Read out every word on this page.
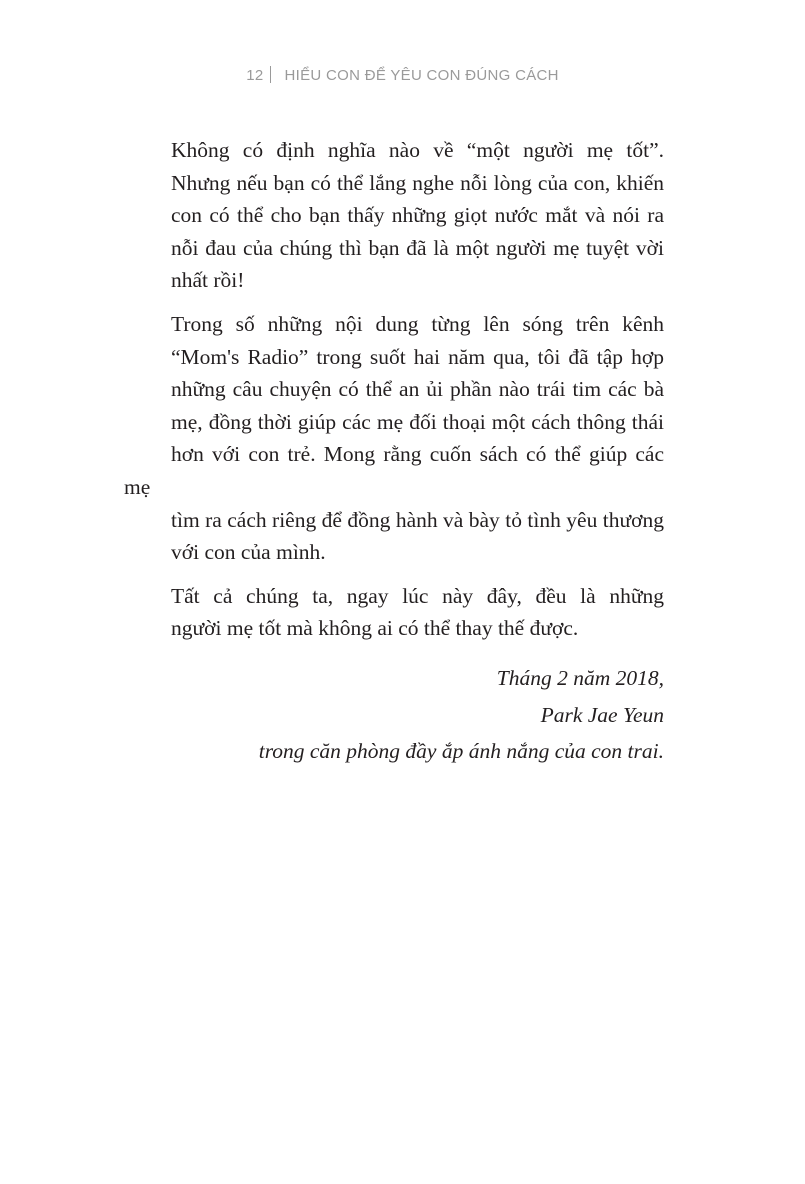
12 HIỂU CON ĐỂ YÊU CON ĐÚNG CÁCH

Không có định nghĩa nào về “một người mẹ tốt”.
Nhưng nếu bạn có thể lắng nghe nỗi lòng của con, khiến
con có thể cho bạn thấy những giọt nước mắt và nói ra
nỗi đau của chúng thì bạn đã là một người mẹ tuyệt vời
nhất rồi!

Trong số những nội dung từng lên sóng trên kênh
“Mom's Radio” trong suốt hai năm qua, tôi đã tập hợp
những câu chuyện có thể an ủi phần nào trái tim các bà
mẹ, đồng thời giúp các mẹ đối thoại một cách thông thái
hơn với con trẻ. Mong rằng cuốn sách có thể giúp các mẹ
tìm ra cách riêng để đồng hành và bày tỏ tình yêu thương
với con của mình.

Tất cả chúng ta, ngay lúc này đây, đều là những
người mẹ tốt mà không ai có thể thay thế được.

Tháng 2 năm 2018,
Park Jae Yeun
trong căn phòng đầy ắp ánh nắng của con trai.
